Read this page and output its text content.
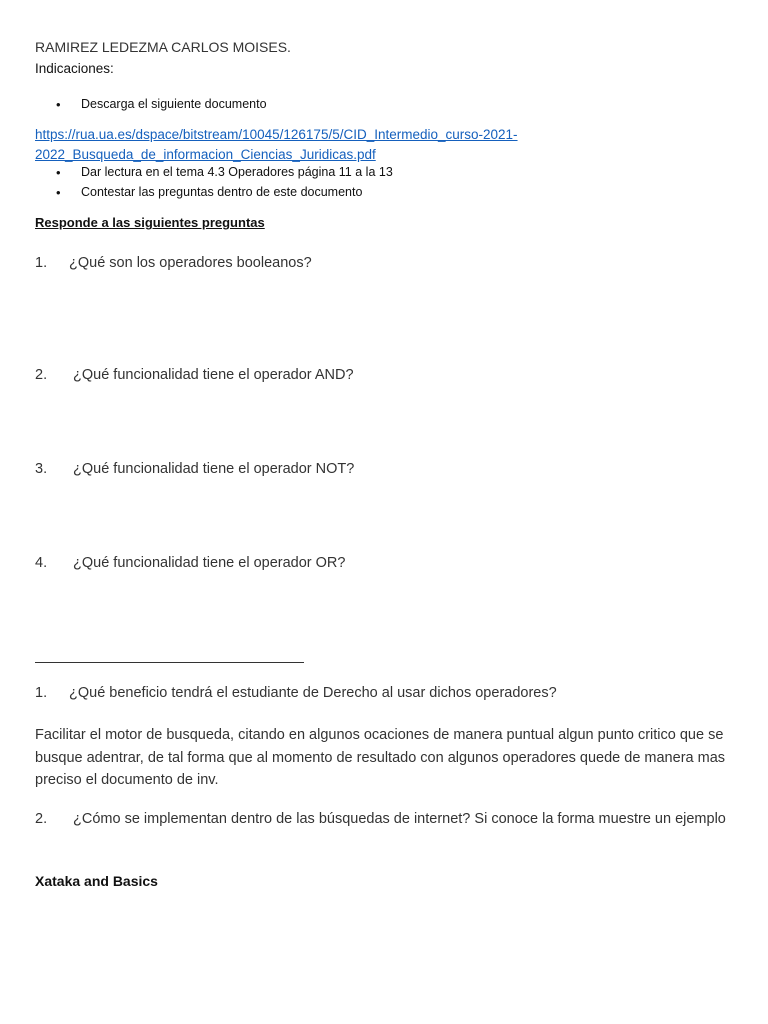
RAMIREZ LEDEZMA CARLOS MOISES.
Indicaciones:
• Descarga el siguiente documento
https://rua.ua.es/dspace/bitstream/10045/126175/5/CID_Intermedio_curso-2021-
2022_Busqueda_de_informacion_Ciencias_Juridicas.pdf
• Dar lectura en el tema 4.3 Operadores página 11 a la 13
• Contestar las preguntas dentro de este documento
Responde a las siguientes preguntas
1. ¿Qué son los operadores booleanos?
2. ¿Qué funcionalidad tiene el operador AND?
3. ¿Qué funcionalidad tiene el operador NOT?
4. ¿Qué funcionalidad tiene el operador OR?
1. ¿Qué beneficio tendrá el estudiante de Derecho al usar dichos operadores?
Facilitar el motor de busqueda, citando en algunos ocaciones de manera puntual algun punto critico que se busque adentrar, de tal forma que al momento de resultado con algunos operadores quede de manera mas preciso el documento de inv.
2. ¿Cómo se implementan dentro de las búsquedas de internet? Si conoce la forma muestre un ejemplo
Xataka and Basics
